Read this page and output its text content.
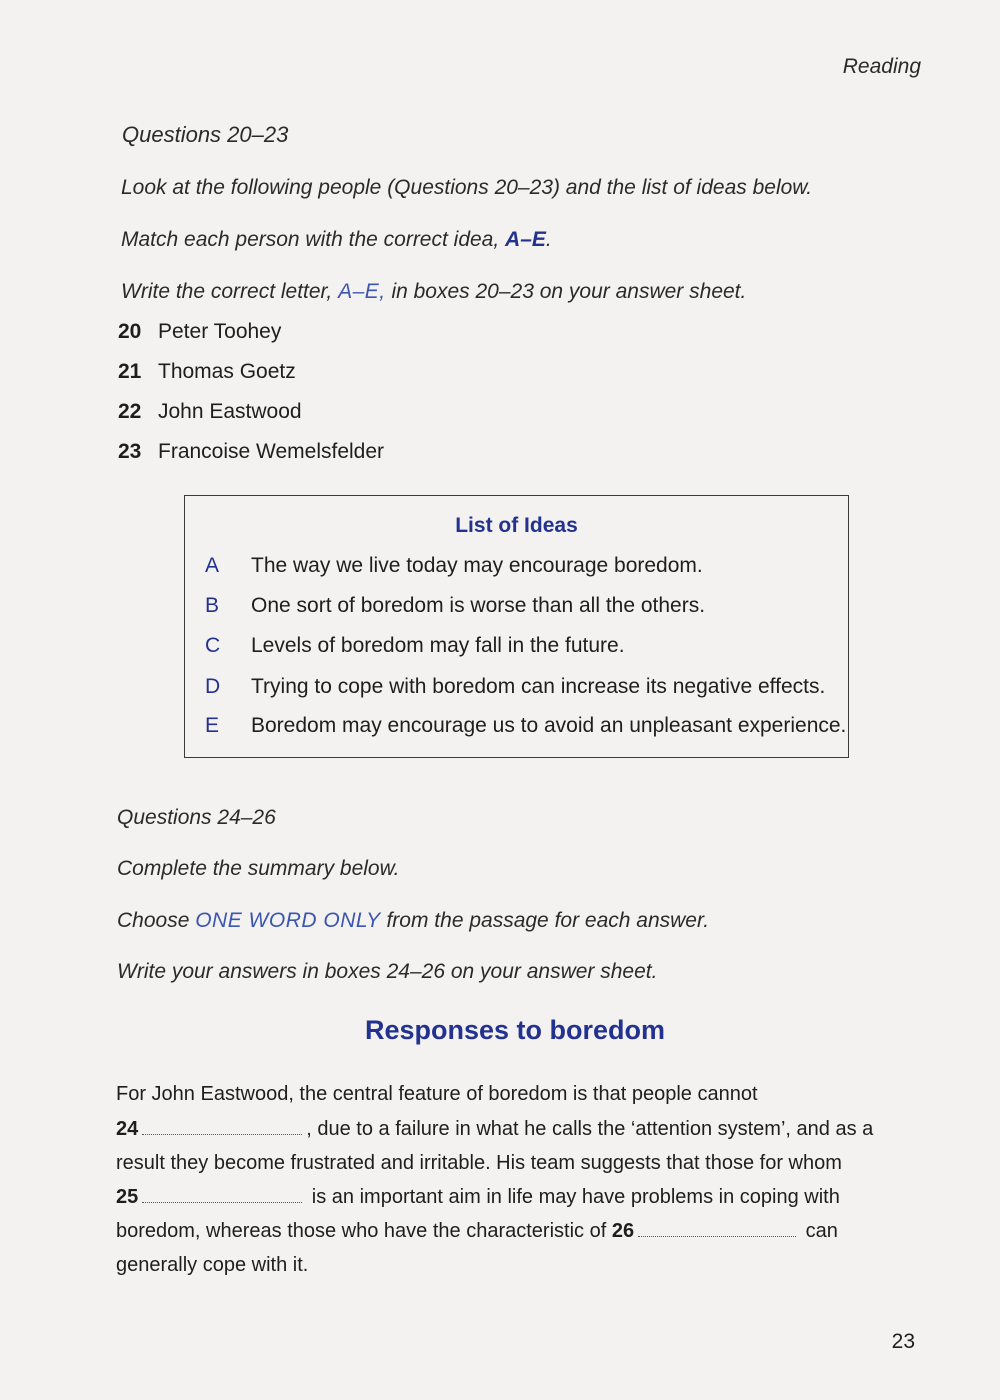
Reading
Questions 20–23
Look at the following people (Questions 20–23) and the list of ideas below.
Match each person with the correct idea, A–E.
Write the correct letter, A–E, in boxes 20–23 on your answer sheet.
20 Peter Toohey
21 Thomas Goetz
22 John Eastwood
23 Francoise Wemelsfelder
List of Ideas
A The way we live today may encourage boredom.
B One sort of boredom is worse than all the others.
C Levels of boredom may fall in the future.
D Trying to cope with boredom can increase its negative effects.
E Boredom may encourage us to avoid an unpleasant experience.
Questions 24–26
Complete the summary below.
Choose ONE WORD ONLY from the passage for each answer.
Write your answers in boxes 24–26 on your answer sheet.
Responses to boredom
For John Eastwood, the central feature of boredom is that people cannot
24	, due to a failure in what he calls the ‘attention system’, and as a
result they become frustrated and irritable. His team suggests that those for whom
25	is an important aim in life may have problems in coping with
boredom, whereas those who have the characteristic of 26	can
generally cope with it.
23
